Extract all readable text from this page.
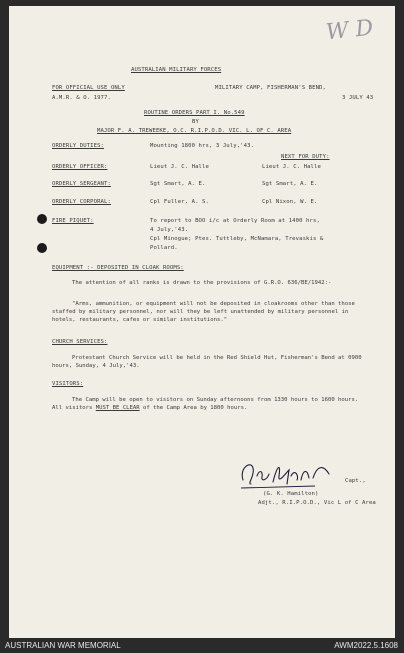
W D
AUSTRALIAN MILITARY FORCES
FOR OFFICIAL USE ONLY
A.M.R. & O. 1977.
MILITARY CAMP, FISHERMAN'S BEND,
3 JULY 43
ROUTINE ORDERS PART I. No.549
BY
MAJOR F. A. TREWEEKE, O.C. R.I.P.O.D. VIC. L. OF C. AREA
ORDERLY DUTIES:	Mounting 1800 hrs, 3 July,'43.
NEXT FOR DUTY:
ORDERLY OFFICER:	Lieut J. C. Halle	Lieut J. C. Halle
ORDERLY SERGEANT:	Sgt Smart, A. E.	Sgt Smart, A. E.
ORDERLY CORPORAL:	Cpl Fuller, A. S.	Cpl Nixon, W. E.
FIRE PIQUET:	To report to BOO i/c at Orderly Room at 1400 hrs,
4 July,'43.
Cpl Minogue; Ptes. Tuttleby, McNamara, Trevaskis &
Pollard.
EQUIPMENT :- DEPOSITED IN CLOAK ROOMS:
The attention of all ranks is drawn to the provisions of G.R.O. 636/BE/1942:-
"Arms, ammunition, or equipment will not be deposited in cloakrooms other than those staffed by military personnel, nor will they be left unattended by military personnel in hotels, restaurants, cafes or similar institutions."
CHURCH SERVICES:
Protestant Church Service will be held in the Red Shield Hut, Fisherman's Bend at 0900 hours, Sunday, 4 July,'43.
VISITORS:
The Camp will be open to visitors on Sunday afternoons from 1330 hours to 1600 hours. All visitors MUST BE CLEAR of the Camp Area by 1800 hours.
Capt.,
(G. K. Hamilton)
Adjt., R.I.P.O.D., Vic L of C Area
AUSTRALIAN WAR MEMORIAL	AWM2022.5.1608
